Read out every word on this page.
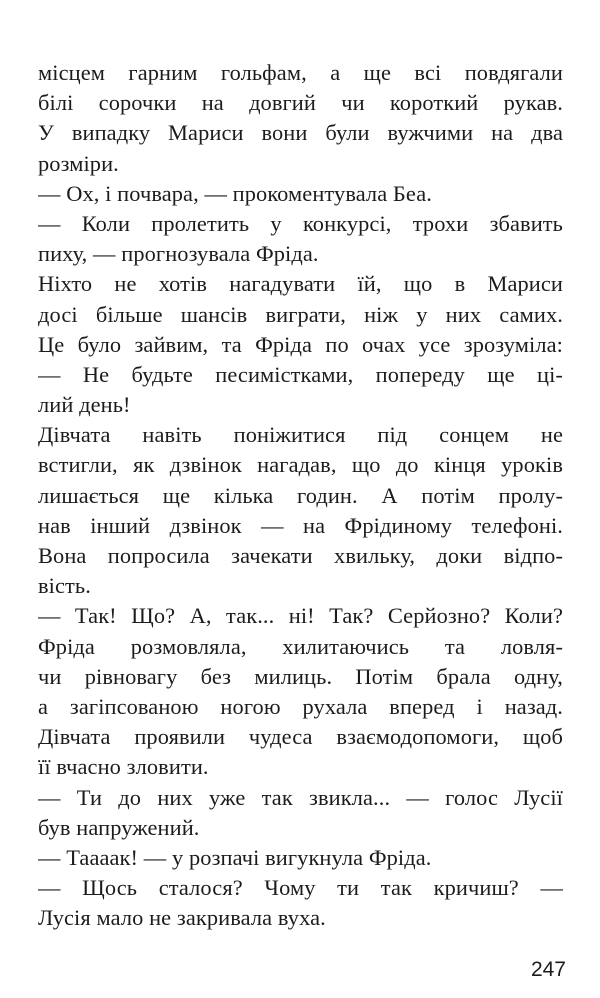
місцем гарним гольфам, а ще всі повдягали
білі сорочки на довгий чи короткий рукав.
У випадку Мариси вони були вужчими на два
розміри.
— Ох, і почвара, — прокоментувала Беа.
— Коли пролетить у конкурсі, трохи збавить
пиху, — прогнозувала Фріда.
Ніхто не хотів нагадувати їй, що в Мариси
досі більше шансів виграти, ніж у них самих.
Це було зайвим, та Фріда по очах усе зрозуміла:
— Не будьте песимістками, попереду ще ці-
лий день!
Дівчата навіть поніжитися під сонцем не
встигли, як дзвінок нагадав, що до кінця уроків
лишається ще кілька годин. А потім пролу-
нав інший дзвінок — на Фрідиному телефоні.
Вона попросила зачекати хвильку, доки відпо-
вість.
— Так! Що? А, так... ні! Так? Серйозно? Коли?
Фріда розмовляла, хилитаючись та ловля-
чи рівновагу без милиць. Потім брала одну,
а загіпсованою ногою рухала вперед і назад.
Дівчата проявили чудеса взаємодопомоги, щоб
її вчасно зловити.
— Ти до них уже так звикла... — голос Лусії
був напружений.
— Таааак! — у розпачі вигукнула Фріда.
— Щось сталося? Чому ти так кричиш? —
Лусія мало не закривала вуха.
247
